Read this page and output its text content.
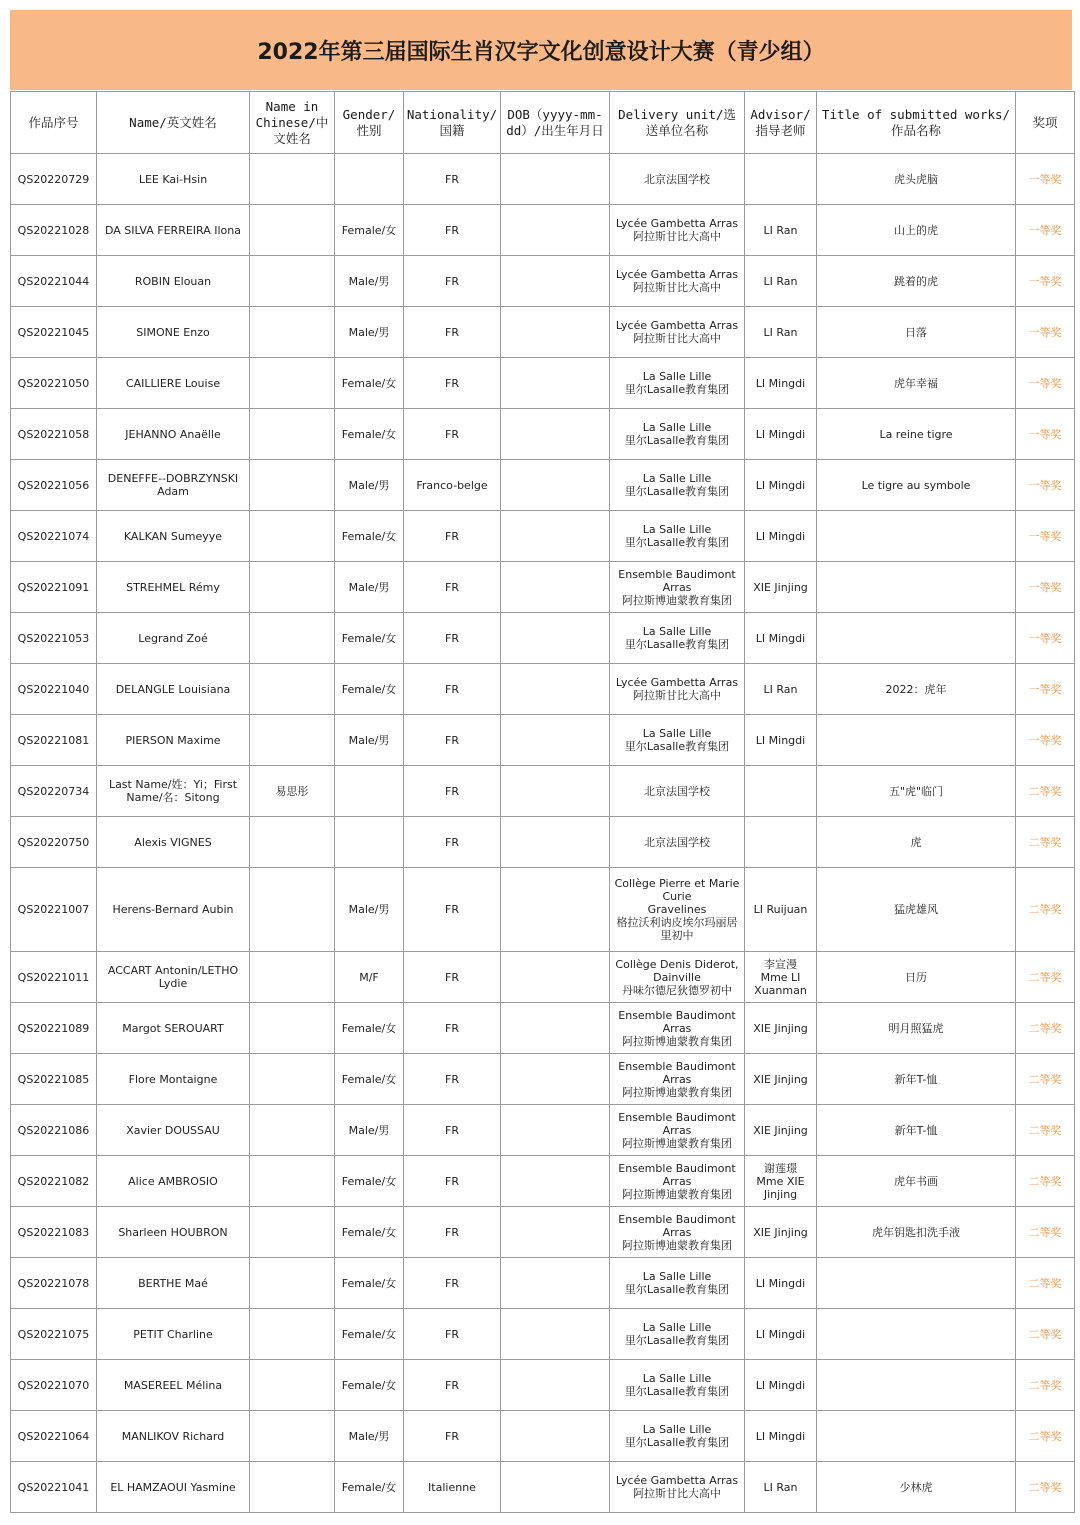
2022年第三届国际生肖汉字文化创意设计大赛（青少组）
作品序号	Name/英文姓名	Name in Chinese/中文姓名	Gender/性别	Nationality/国籍	DOB（yyyy-mm-dd）/出生年月日	Delivery unit/选送单位名称	Advisor/指导老师	Title of submitted works/作品名称	奖项
QS20220729	LEE Kai-Hsin			FR		北京法国学校		虎头虎脑	一等奖
QS20221028	DA SILVA FERREIRA Ilona		Female/女	FR		Lycée Gambetta Arras
阿拉斯甘比大高中	LI Ran	山上的虎	一等奖
QS20221044	ROBIN Elouan		Male/男	FR		Lycée Gambetta Arras
阿拉斯甘比大高中	LI Ran	跳着的虎	一等奖
QS20221045	SIMONE Enzo		Male/男	FR		Lycée Gambetta Arras
阿拉斯甘比大高中	LI Ran	日落	一等奖
QS20221050	CAILLIERE Louise		Female/女	FR		La Salle Lille
里尔Lasalle教育集团	LI Mingdi	虎年幸福	一等奖
QS20221058	JEHANNO Anaëlle		Female/女	FR		La Salle Lille
里尔Lasalle教育集团	LI Mingdi	La reine tigre	一等奖
QS20221056	DENEFFE--DOBRZYNSKI
Adam		Male/男	Franco-belge		La Salle Lille
里尔Lasalle教育集团	LI Mingdi	Le tigre au symbole	一等奖
QS20221074	KALKAN Sumeyye		Female/女	FR		La Salle Lille
里尔Lasalle教育集团	LI Mingdi		一等奖
QS20221091	STREHMEL Rémy		Male/男	FR		Ensemble Baudimont
Arras
阿拉斯博迪蒙教育集团	XIE Jinjing		一等奖
QS20221053	Legrand Zoé		Female/女	FR		La Salle Lille
里尔Lasalle教育集团	LI Mingdi		一等奖
QS20221040	DELANGLE Louisiana		Female/女	FR		Lycée Gambetta Arras
阿拉斯甘比大高中	LI Ran	2022：虎年	一等奖
QS20221081	PIERSON Maxime		Male/男	FR		La Salle Lille
里尔Lasalle教育集团	LI Mingdi		一等奖
QS20220734	Last Name/姓：Yi；First
Name/名：Sitong	易思彤		FR		北京法国学校		五"虎"临门	二等奖
QS20220750	Alexis VIGNES			FR		北京法国学校		虎	二等奖
QS20221007	Herens-Bernard Aubin		Male/男	FR		Collège Pierre et Marie
Curie
Gravelines
格拉沃利讷皮埃尔玛丽居
里初中	LI Ruijuan	猛虎雄风	二等奖
QS20221011	ACCART Antonin/LETHO
Lydie		M/F	FR		Collège Denis Diderot,
Dainville
丹味尔德尼狄德罗初中	李宣漫
Mme LI
Xuanman	日历	二等奖
QS20221089	Margot SEROUART		Female/女	FR		Ensemble Baudimont
Arras
阿拉斯博迪蒙教育集团	XIE Jinjing	明月照猛虎	二等奖
QS20221085	Flore Montaigne		Female/女	FR		Ensemble Baudimont
Arras
阿拉斯博迪蒙教育集团	XIE Jinjing	新年T-恤	二等奖
QS20221086	Xavier DOUSSAU		Male/男	FR		Ensemble Baudimont
Arras
阿拉斯博迪蒙教育集团	XIE Jinjing	新年T-恤	二等奖
QS20221082	Alice AMBROSIO		Female/女	FR		Ensemble Baudimont
Arras
阿拉斯博迪蒙教育集团	谢莲璟
Mme XIE
Jinjing	虎年书画	二等奖
QS20221083	Sharleen HOUBRON		Female/女	FR		Ensemble Baudimont
Arras
阿拉斯博迪蒙教育集团	XIE Jinjing	虎年钥匙扣洗手液	二等奖
QS20221078	BERTHE Maé		Female/女	FR		La Salle Lille
里尔Lasalle教育集团	LI Mingdi		二等奖
QS20221075	PETIT Charline		Female/女	FR		La Salle Lille
里尔Lasalle教育集团	LI Mingdi		二等奖
QS20221070	MASEREEL Mélina		Female/女	FR		La Salle Lille
里尔Lasalle教育集团	LI Mingdi		二等奖
QS20221064	MANLIKOV Richard		Male/男	FR		La Salle Lille
里尔Lasalle教育集团	LI Mingdi		二等奖
QS20221041	EL HAMZAOUI Yasmine		Female/女	Italienne		Lycée Gambetta Arras
阿拉斯甘比大高中	LI Ran	少林虎	二等奖
